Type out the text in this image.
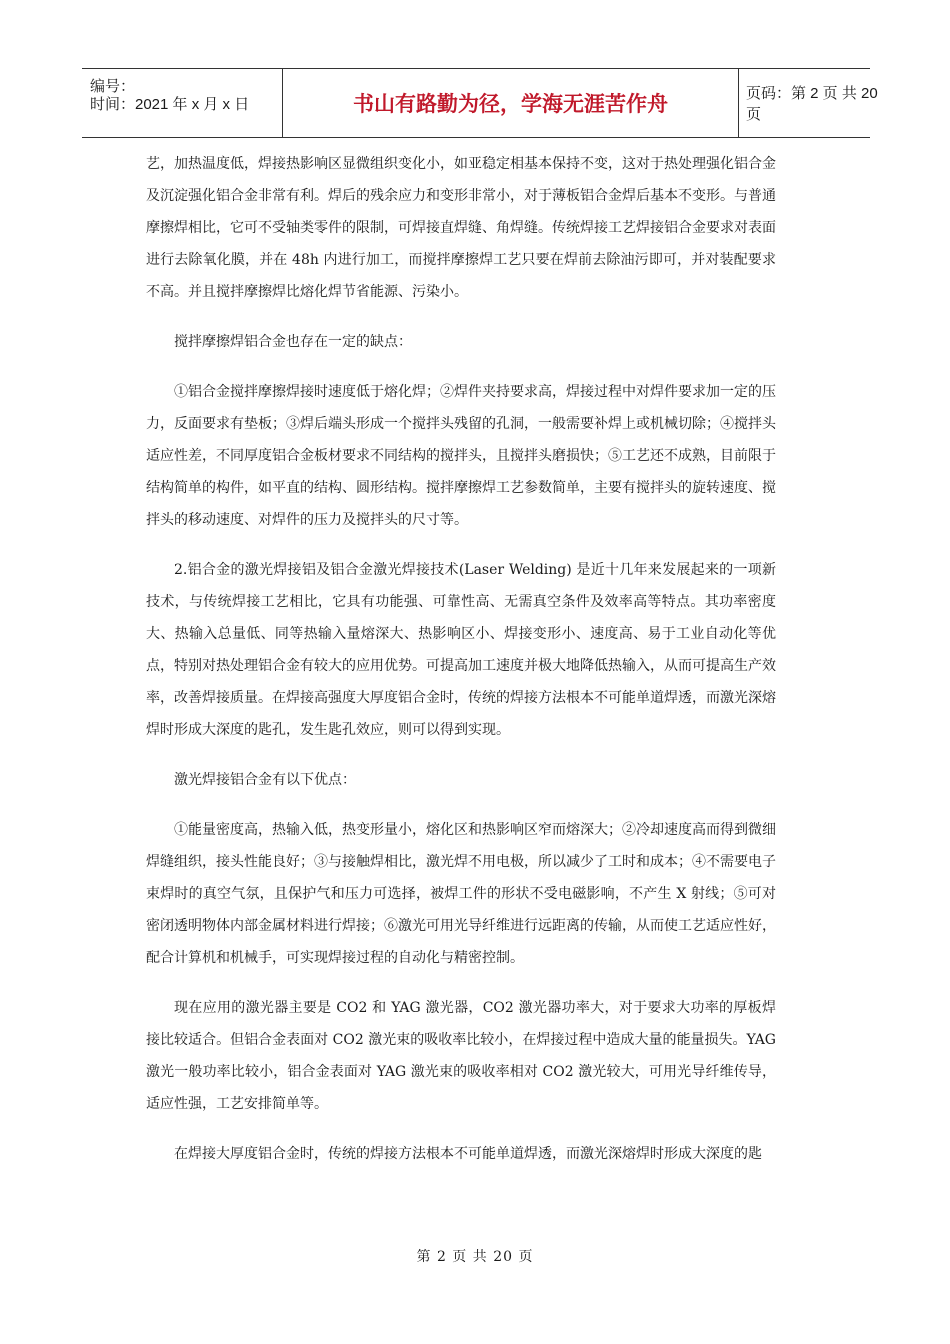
编号：
时间：2021 年 x 月 x 日	书山有路勤为径，学海无涯苦作舟	页码：第 2 页 共 20 页

艺，加热温度低，焊接热影响区显微组织变化小，如亚稳定相基本保持不变，这对于热处理强化铝合金及沉淀强化铝合金非常有利。焊后的残余应力和变形非常小，对于薄板铝合金焊后基本不变形。与普通摩擦焊相比，它可不受轴类零件的限制，可焊接直焊缝、角焊缝。传统焊接工艺焊接铝合金要求对表面进行去除氧化膜，并在 48h 内进行加工，而搅拌摩擦焊工艺只要在焊前去除油污即可，并对装配要求不高。并且搅拌摩擦焊比熔化焊节省能源、污染小。

搅拌摩擦焊铝合金也存在一定的缺点：

①铝合金搅拌摩擦焊接时速度低于熔化焊；②焊件夹持要求高，焊接过程中对焊件要求加一定的压力，反面要求有垫板；③焊后端头形成一个搅拌头残留的孔洞，一般需要补焊上或机械切除；④搅拌头适应性差，不同厚度铝合金板材要求不同结构的搅拌头，且搅拌头磨损快；⑤工艺还不成熟，目前限于结构简单的构件，如平直的结构、圆形结构。搅拌摩擦焊工艺参数简单，主要有搅拌头的旋转速度、搅拌头的移动速度、对焊件的压力及搅拌头的尺寸等。

2.铝合金的激光焊接铝及铝合金激光焊接技术(Laser Welding) 是近十几年来发展起来的一项新技术，与传统焊接工艺相比，它具有功能强、可靠性高、无需真空条件及效率高等特点。其功率密度大、热输入总量低、同等热输入量熔深大、热影响区小、焊接变形小、速度高、易于工业自动化等优点，特别对热处理铝合金有较大的应用优势。可提高加工速度并极大地降低热输入，从而可提高生产效率，改善焊接质量。在焊接高强度大厚度铝合金时，传统的焊接方法根本不可能单道焊透，而激光深熔焊时形成大深度的匙孔，发生匙孔效应，则可以得到实现。

激光焊接铝合金有以下优点：

①能量密度高，热输入低，热变形量小，熔化区和热影响区窄而熔深大；②冷却速度高而得到微细焊缝组织，接头性能良好；③与接触焊相比，激光焊不用电极，所以减少了工时和成本；④不需要电子束焊时的真空气氛，且保护气和压力可选择，被焊工件的形状不受电磁影响，不产生 X 射线；⑤可对密闭透明物体内部金属材料进行焊接；⑥激光可用光导纤维进行远距离的传输，从而使工艺适应性好，配合计算机和机械手，可实现焊接过程的自动化与精密控制。

现在应用的激光器主要是 CO2 和 YAG 激光器，CO2 激光器功率大，对于要求大功率的厚板焊接比较适合。但铝合金表面对 CO2 激光束的吸收率比较小，在焊接过程中造成大量的能量损失。YAG 激光一般功率比较小，铝合金表面对 YAG 激光束的吸收率相对 CO2 激光较大，可用光导纤维传导，适应性强，工艺安排简单等。

在焊接大厚度铝合金时，传统的焊接方法根本不可能单道焊透，而激光深熔焊时形成大深度的匙

第 2 页 共 20 页
